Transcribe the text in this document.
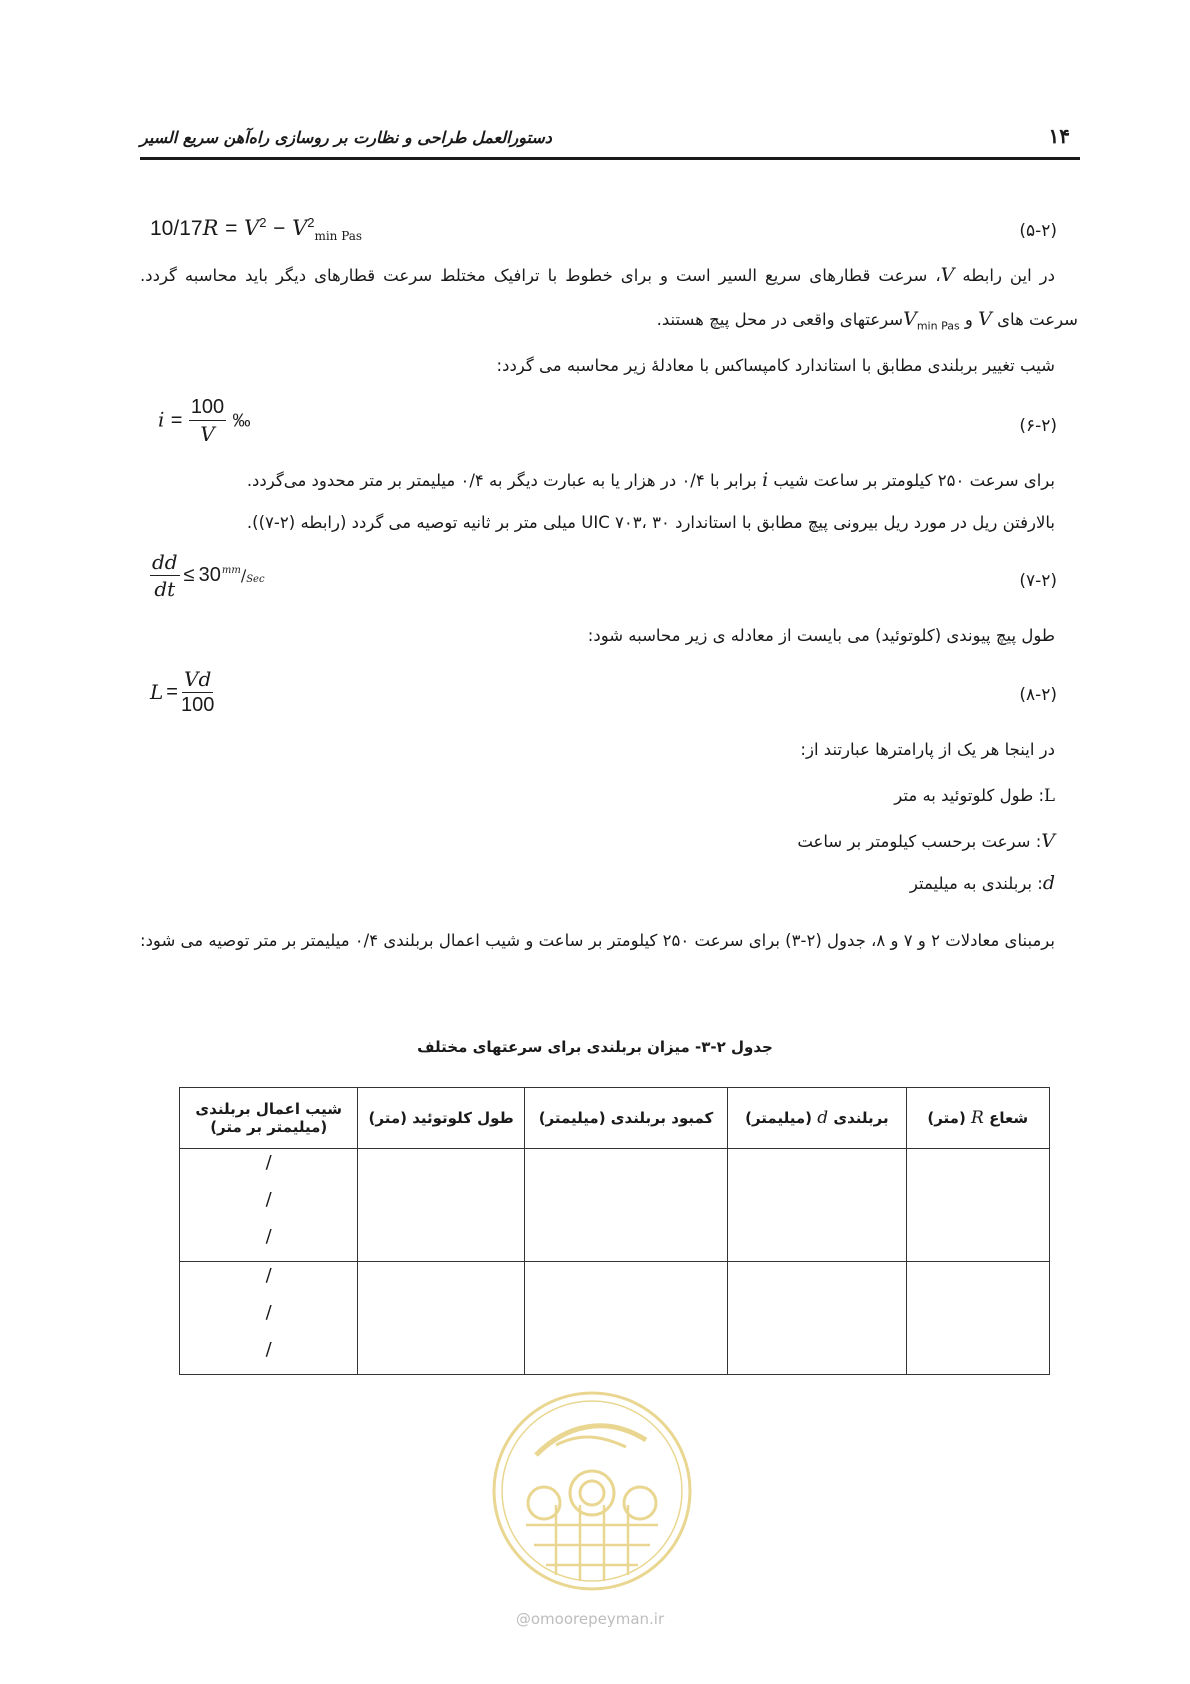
دستورالعمل طراحی و نظارت بر روسازی راه‌آهن سریع السیر	۱۴
$10/17R = V^2 - V^2_{min Pas}$	(۵-۲)
در این رابطه V، سرعت قطارهای سریع السیر است و برای خطوط با ترافیک مختلط سرعت قطارهای دیگر باید محاسبه گردد.
سرعت های V و $V_{min Pas}سرعتهای$ واقعی در محل پیچ هستند.
شیب تغییر بربلندی مطابق با استاندارد کامپساکس با معادلهٔ زیر محاسبه می گردد:
$i = \frac{100}{V}$ ‰	(۶-۲)
برای سرعت ۲۵۰ کیلومتر بر ساعت شیب i برابر با ۰/۴ در هزار یا به عبارت دیگر به ۰/۴ میلیمتر بر متر محدود می‌گردد.
بالارفتن ریل در مورد ریل بیرونی پیچ مطابق با استاندارد UIC ۷۰۳، ۳۰ میلی متر بر ثانیه توصیه می گردد (رابطه (۲-۷)).
$\frac{dd}{dt} \le 30$ mm ∕ Sec	(۷-۲)
طول پیچ پیوندی (کلوتوئید) می بایست از معادله ی زیر محاسبه شود:
$L = \frac{Vd}{100}$	(۸-۲)
در اینجا هر یک از پارامترها عبارتند از:
L: طول کلوتوئید به متر
V: سرعت برحسب کیلومتر بر ساعت
d: بربلندی به میلیمتر
برمبنای معادلات ۲ و ۷ و ۸، جدول (۲-۳) برای سرعت ۲۵۰ کیلومتر بر ساعت و شیب اعمال بربلندی ۰/۴ میلیمتر بر متر توصیه می شود:
جدول ۲-۳- میزان بربلندی برای سرعتهای مختلف
شعاع R (متر)	بربلندی d (میلیمتر)	کمبود بربلندی (میلیمتر)	طول کلوتوئید (متر)	شیب اعمال بربلندی
(میلیمتر بر متر)

				/
/
/

				/
/
/
@omoorepeyman.ir
